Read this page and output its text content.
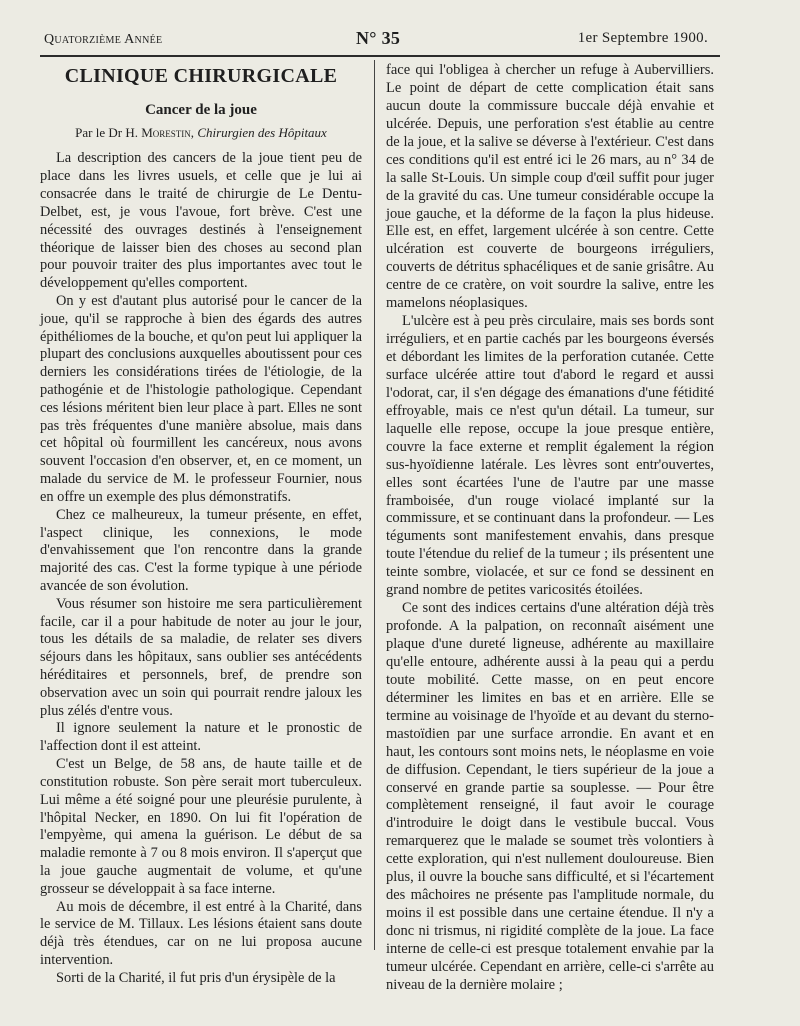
Quatorzième Année	N° 35	1er Septembre 1900.
CLINIQUE CHIRURGICALE
Cancer de la joue
Par le Dr H. Morestin, Chirurgien des Hôpitaux

La description des cancers de la joue tient peu de place dans les livres usuels, et celle que je lui ai consacrée dans le traité de chirurgie de Le Dentu-Delbet, est, je vous l'avoue, fort brève. C'est une nécessité des ouvrages destinés à l'enseignement théorique de laisser bien des choses au second plan pour pouvoir traiter des plus importantes avec tout le développement qu'elles comportent.

On y est d'autant plus autorisé pour le cancer de la joue, qu'il se rapproche à bien des égards des autres épithéliomes de la bouche, et qu'on peut lui appliquer la plupart des conclusions auxquelles aboutissent pour ces derniers les considérations tirées de l'étiologie, de la pathogénie et de l'histologie pathologique. Cependant ces lésions méritent bien leur place à part. Elles ne sont pas très fréquentes d'une manière absolue, mais dans cet hôpital où fourmillent les cancéreux, nous avons souvent l'occasion d'en observer, et, en ce moment, un malade du service de M. le professeur Fournier, nous en offre un exemple des plus démonstratifs.

Chez ce malheureux, la tumeur présente, en effet, l'aspect clinique, les connexions, le mode d'envahissement que l'on rencontre dans la grande majorité des cas. C'est la forme typique à une période avancée de son évolution.

Vous résumer son histoire me sera particulièrement facile, car il a pour habitude de noter au jour le jour, tous les détails de sa maladie, de relater ses divers séjours dans les hôpitaux, sans oublier ses antécédents héréditaires et personnels, bref, de prendre son observation avec un soin qui pourrait rendre jaloux les plus zélés d'entre vous.

Il ignore seulement la nature et le pronostic de l'affection dont il est atteint.

C'est un Belge, de 58 ans, de haute taille et de constitution robuste. Son père serait mort tuberculeux. Lui même a été soigné pour une pleurésie purulente, à l'hôpital Necker, en 1890. On lui fit l'opération de l'empyème, qui amena la guérison. Le début de sa maladie remonte à 7 ou 8 mois environ. Il s'aperçut que la joue gauche augmentait de volume, et qu'une grosseur se développait à sa face interne.

Au mois de décembre, il est entré à la Charité, dans le service de M. Tillaux. Les lésions étaient sans doute déjà très étendues, car on ne lui proposa aucune intervention.

Sorti de la Charité, il fut pris d'un érysipèle de la

face qui l'obligea à chercher un refuge à Aubervilliers. Le point de départ de cette complication était sans aucun doute la commissure buccale déjà envahie et ulcérée. Depuis, une perforation s'est établie au centre de la joue, et la salive se déverse à l'extérieur. C'est dans ces conditions qu'il est entré ici le 26 mars, au n° 34 de la salle St-Louis. Un simple coup d'œil suffit pour juger de la gravité du cas. Une tumeur considérable occupe la joue gauche, et la déforme de la façon la plus hideuse. Elle est, en effet, largement ulcérée à son centre. Cette ulcération est couverte de bourgeons irréguliers, couverts de détritus sphacéliques et de sanie grisâtre. Au centre de ce cratère, on voit sourdre la salive, entre les mamelons néoplasiques.

L'ulcère est à peu près circulaire, mais ses bords sont irréguliers, et en partie cachés par les bourgeons éversés et débordant les limites de la perforation cutanée. Cette surface ulcérée attire tout d'abord le regard et aussi l'odorat, car, il s'en dégage des émanations d'une fétidité effroyable, mais ce n'est qu'un détail. La tumeur, sur laquelle elle repose, occupe la joue presque entière, couvre la face externe et remplit également la région sus-hyoïdienne latérale. Les lèvres sont entr'ouvertes, elles sont écartées l'une de l'autre par une masse framboisée, d'un rouge violacé implanté sur la commissure, et se continuant dans la profondeur. — Les téguments sont manifestement envahis, dans presque toute l'étendue du relief de la tumeur ; ils présentent une teinte sombre, violacée, et sur ce fond se dessinent en grand nombre de petites varicosités étoilées.

Ce sont des indices certains d'une altération déjà très profonde. A la palpation, on reconnaît aisément une plaque d'une dureté ligneuse, adhérente au maxillaire qu'elle entoure, adhérente aussi à la peau qui a perdu toute mobilité. Cette masse, on en peut encore déterminer les limites en bas et en arrière. Elle se termine au voisinage de l'hyoïde et au devant du sterno-mastoïdien par une surface arrondie. En avant et en haut, les contours sont moins nets, le néoplasme en voie de diffusion. Cependant, le tiers supérieur de la joue a conservé en grande partie sa souplesse. — Pour être complètement renseigné, il faut avoir le courage d'introduire le doigt dans le vestibule buccal. Vous remarquerez que le malade se soumet très volontiers à cette exploration, qui n'est nullement douloureuse. Bien plus, il ouvre la bouche sans difficulté, et si l'écartement des mâchoires ne présente pas l'amplitude normale, du moins il est possible dans une certaine étendue. Il n'y a donc ni trismus, ni rigidité complète de la joue. La face interne de celle-ci est presque totalement envahie par la tumeur ulcérée. Cependant en arrière, celle-ci s'arrête au niveau de la dernière molaire ;
